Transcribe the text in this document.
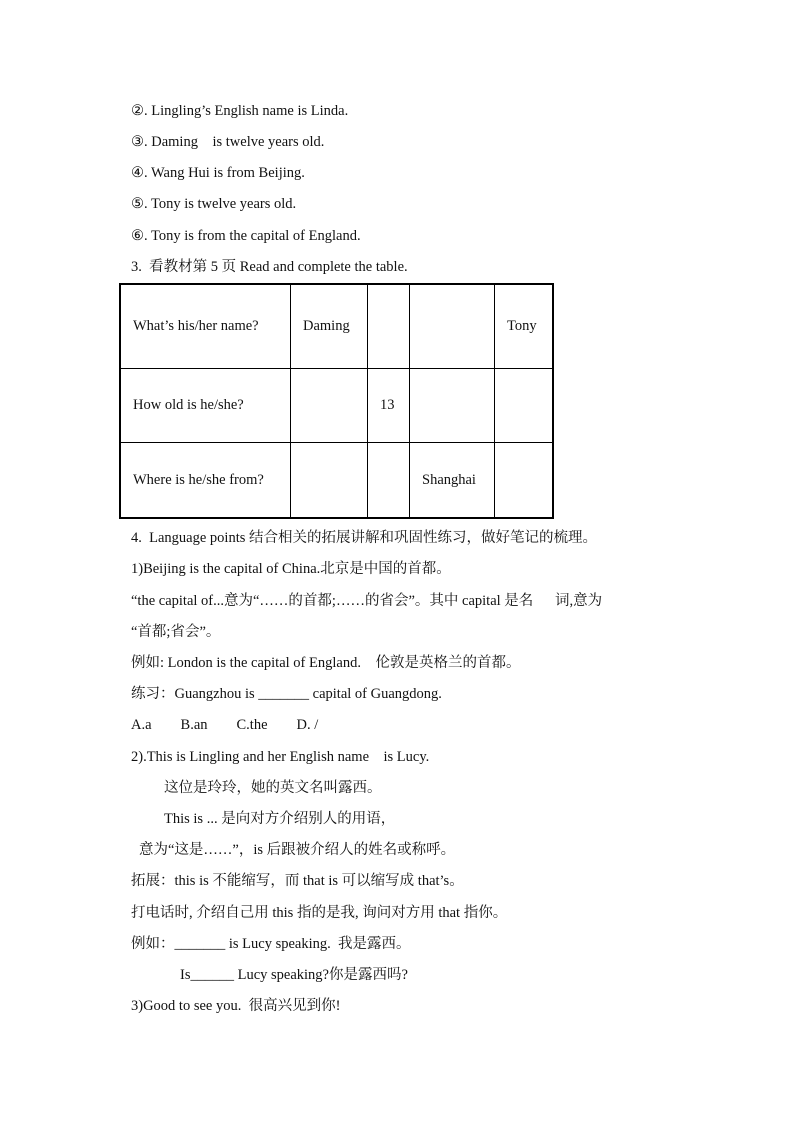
②. Lingling’s English name is Linda.
③. Daming    is twelve years old.
④. Wang Hui is from Beijing.
⑤. Tony is twelve years old.
⑥. Tony is from the capital of England.
3.  看教材第 5 页 Read and complete the table.
What’s his/her name?	Daming			Tony
How old is he/she?		13		
Where is he/she from?			Shanghai	
4.  Language points 结合相关的拓展讲解和巩固性练习，做好笔记的梳理。
1)Beijing is the capital of China.北京是中国的首都。
“the capital of...意为“……的首都;……的省会”。其中 capital 是名      词,意为
“首都;省会”。
例如: London is the capital of England.    伦敦是英格兰的首都。
练习：Guangzhou is _______ capital of Guangdong.
A.a        B.an        C.the        D. /
2).This is Lingling and her English name    is Lucy.
这位是玲玲，她的英文名叫露西。
This is ... 是向对方介绍别人的用语，
意为“这是……”，is 后跟被介绍人的姓名或称呼。
拓展：this is 不能缩写，而 that is 可以缩写成 that’s。
打电话时, 介绍自己用 this 指的是我, 询问对方用 that 指你。
例如：_______ is Lucy speaking.  我是露西。
Is______ Lucy speaking?你是露西吗?
3)Good to see you.  很高兴见到你!
